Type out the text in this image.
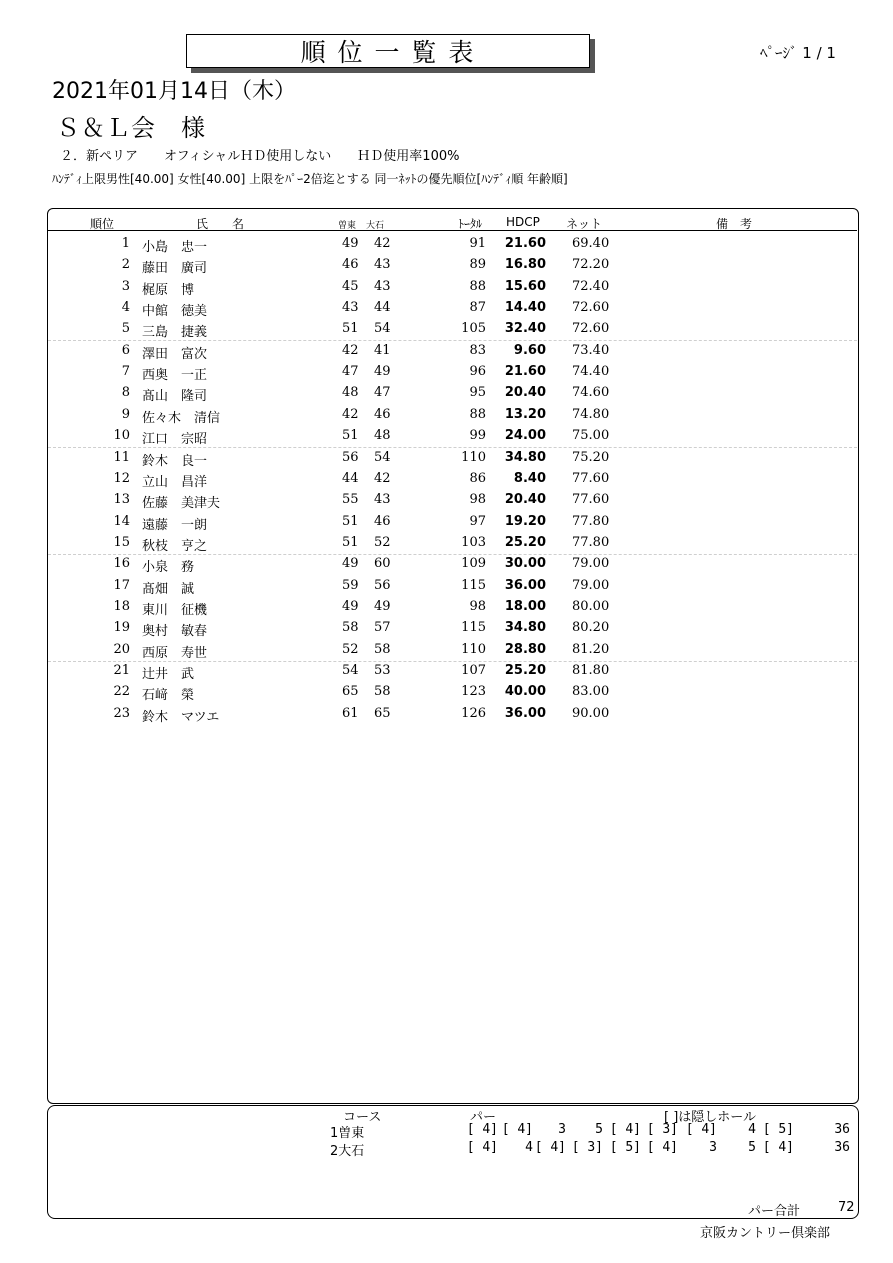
順 位 一 覧 表	ﾍﾟｰｼﾞ 1 / 1
2021年01月14日（木）
Ｓ＆Ｌ会　様
２．新ペリア　　オフィシャルＨＤ使用しない　　ＨＤ使用率100%
ﾊﾝﾃﾞｨ上限男性[40.00] 女性[40.00] 上限をﾊﾟｰ2倍迄とする 同一ﾈｯﾄの優先順位[ﾊﾝﾃﾞｨ順 年齢順]
順位	氏　　名	曽東 大石	ﾄｰﾀﾙ HDCP ネット	備　考
1 小島　忠一	49 42	91	21.60 69.40
2 藤田　廣司	46 43	89	16.80 72.20
3 梶原　博	45 43	88	15.60 72.40
4 中館　徳美	43 44	87	14.40 72.60
5 三島　捷義	51 54	105	32.40 72.60
6 澤田　富次	42 41	83	9.60 73.40
7 西奥　一正	47 49	96	21.60 74.40
8 髙山　隆司	48 47	95	20.40 74.60
9 佐々木　清信	42 46	88	13.20 74.80
10 江口　宗昭	51 48	99	24.00 75.00
11 鈴木　良一	56 54	110	34.80 75.20
12 立山　昌洋	44 42	86	8.40 77.60
13 佐藤　美津夫	55 43	98	20.40 77.60
14 遠藤　一朗	51 46	97	19.20 77.80
15 秋枝　亨之	51 52	103	25.20 77.80
16 小泉　務	49 60	109	30.00 79.00
17 髙畑　誠	59 56	115	36.00 79.00
18 東川　征機	49 49	98	18.00 80.00
19 奥村　敏春	58 57	115	34.80 80.20
20 西原　寿世	52 58	110	28.80 81.20
21 辻井　武	54 53	107	25.20 81.80
22 石﨑　榮	65 58	123	40.00 83.00
23 鈴木　マツエ	61 65	126	36.00 90.00
コース	パー	[ ]は隠しホール
1曽東	[ 4] [ 4]	3	5 [ 4] [ 3] [ 4]	4 [ 5]	36
2大石	[ 4]	4 [ 4] [ 3] [ 5] [ 4]	3	5 [ 4]	36
パー合計	72
京阪カントリー倶楽部
